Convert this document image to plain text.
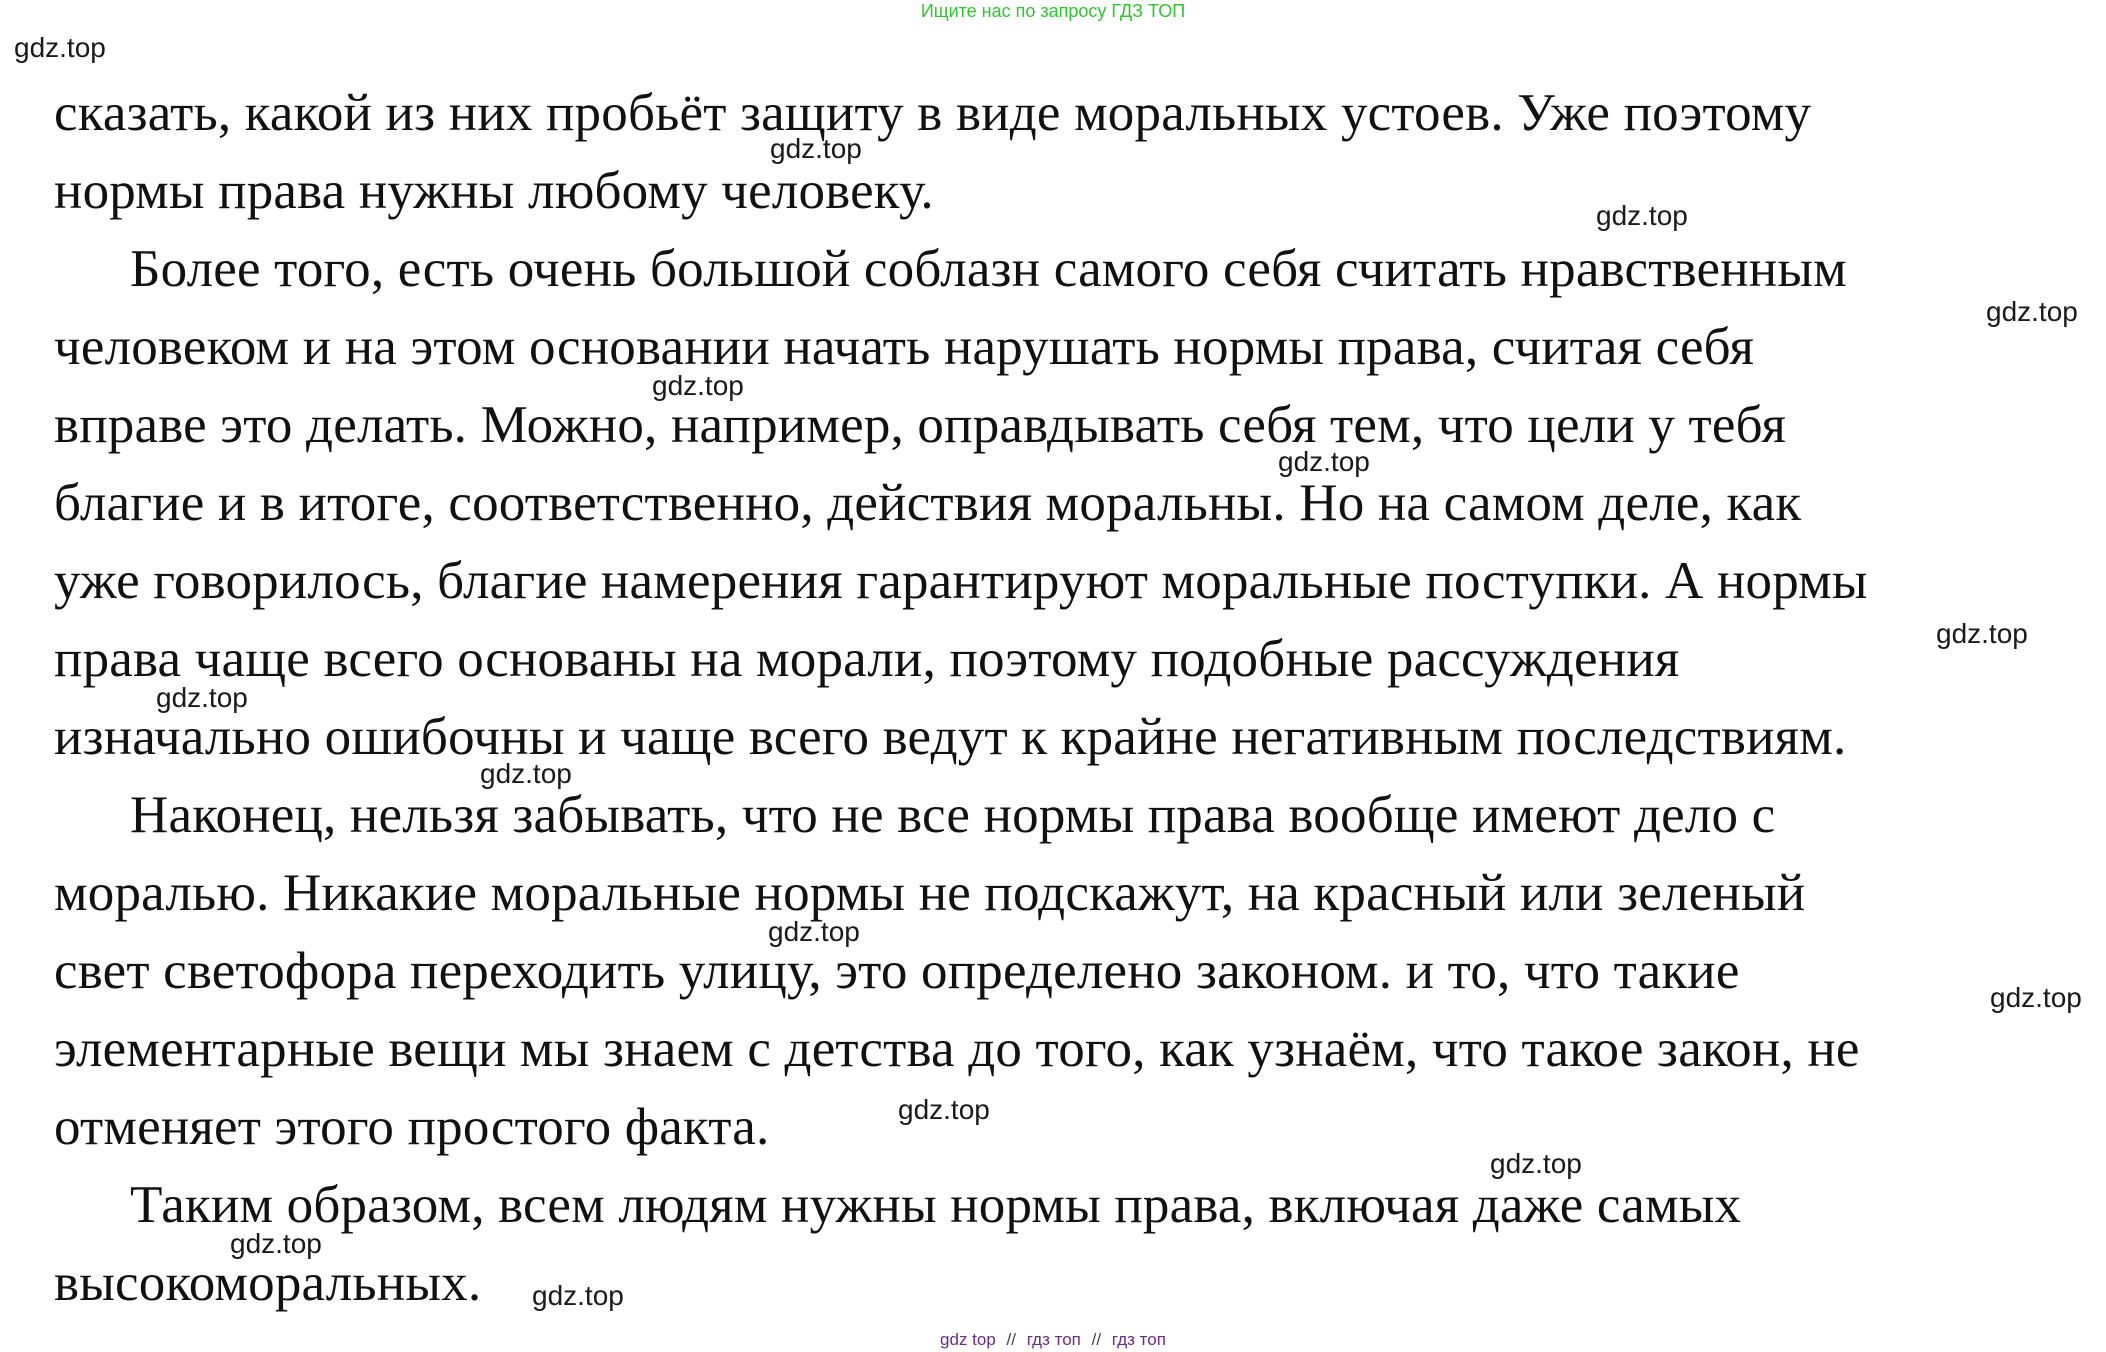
Ищите нас по запросу ГДЗ ТОП
сказать, какой из них пробьёт защиту в виде моральных устоев. Уже поэтому
нормы права нужны любому человеку.
Более того, есть очень большой соблазн самого себя считать нравственным
человеком и на этом основании начать нарушать нормы права, считая себя
вправе это делать. Можно, например, оправдывать себя тем, что цели у тебя
благие и в итоге, соответственно, действия моральны. Но на самом деле, как
уже говорилось, благие намерения гарантируют моральные поступки. А нормы
права чаще всего основаны на морали, поэтому подобные рассуждения
изначально ошибочны и чаще всего ведут к крайне негативным последствиям.
Наконец, нельзя забывать, что не все нормы права вообще имеют дело с
моралью. Никакие моральные нормы не подскажут, на красный или зеленый
свет светофора переходить улицу, это определено законом. и то, что такие
элементарные вещи мы знаем с детства до того, как узнаём, что такое закон, не
отменяет этого простого факта.
Таким образом, всем людям нужны нормы права, включая даже самых
высокоморальных.
gdz.top
gdz.top
gdz.top
gdz.top
gdz.top
gdz.top
gdz.top
gdz.top
gdz.top
gdz.top
gdz.top
gdz.top
gdz.top
gdz.top
gdz.top
gdz top // гдз топ // гдз топ
